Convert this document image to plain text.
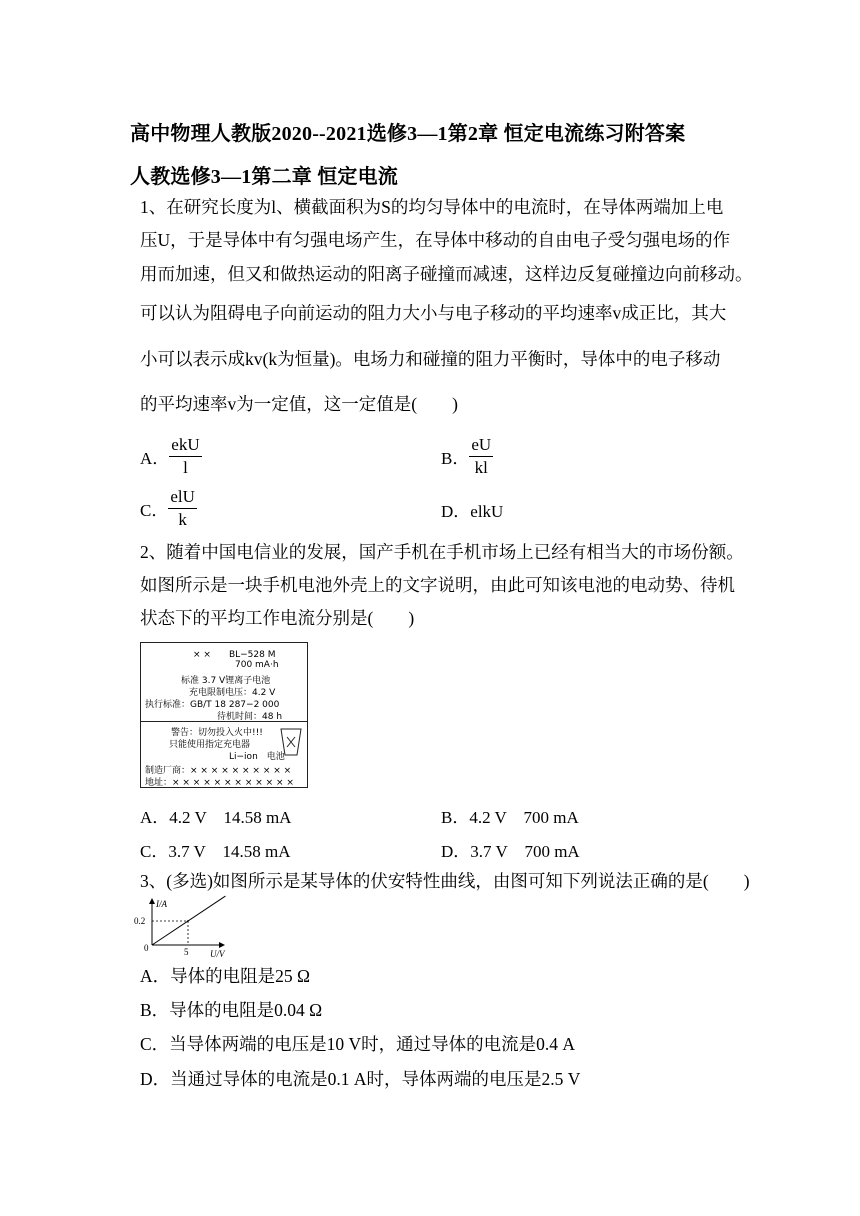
高中物理人教版2020--2021选修3—1第2章 恒定电流练习附答案
人教选修3—1第二章 恒定电流
1、在研究长度为l、横截面积为S的均匀导体中的电流时，在导体两端加上电
压U，于是导体中有匀强电场产生，在导体中移动的自由电子受匀强电场的作
用而加速，但又和做热运动的阳离子碰撞而减速，这样边反复碰撞边向前移动。
可以认为阻碍电子向前运动的阻力大小与电子移动的平均速率v成正比，其大
小可以表示成kv(k为恒量)。电场力和碰撞的阻力平衡时，导体中的电子移动
的平均速率v为一定值，这一定值是(　　)
A． $\frac{\text{ekU}}{l}$	B． $\frac{eU}{kl}$
C． $\frac{\text{elU}}{k}$	D．elkU
2、随着中国电信业的发展，国产手机在手机市场上已经有相当大的市场份额。
如图所示是一块手机电池外壳上的文字说明，由此可知该电池的电动势、待机
状态下的平均工作电流分别是(　　)
× ×　　BL−528 M
700 mA·h
标准 3.7 V锂离子电池
充电限制电压：4.2 V
执行标准：GB/T 18 287−2 000
待机时间：48 h
警告：切勿投入火中!!!
只能使用指定充电器
Li−ion　电池
制造厂商：× × × × × × × × × ×
地址：× × × × × × × × × × × ×
A．4.2 V　14.58 mA	B．4.2 V　700 mA
C．3.7 V　14.58 mA	D．3.7 V　700 mA
3、(多选)如图所示是某导体的伏安特性曲线，由图可知下列说法正确的是(　　)
I/A
U/V
0
0.2
5
A．导体的电阻是25 Ω
B．导体的电阻是0.04 Ω
C．当导体两端的电压是10 V时，通过导体的电流是0.4 A
D．当通过导体的电流是0.1 A时，导体两端的电压是2.5 V
